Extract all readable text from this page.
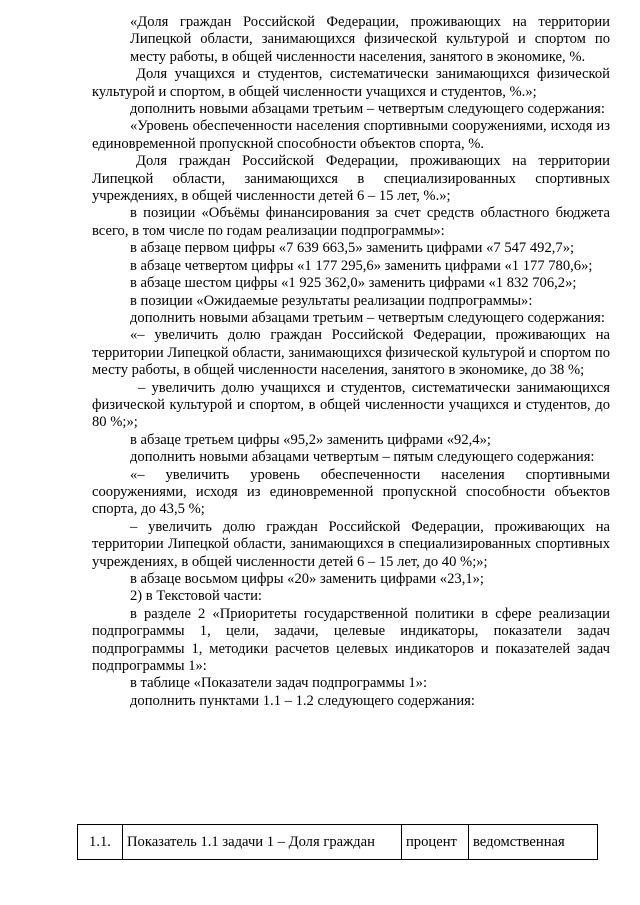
«Доля граждан Российской Федерации, проживающих на территории Липецкой области, занимающихся физической культурой и спортом по месту работы, в общей численности населения, занятого в экономике, %.

Доля учащихся и студентов, систематически занимающихся физической культурой и спортом, в общей численности учащихся и студентов, %.»;

дополнить новыми абзацами третьим – четвертым следующего содержания:

«Уровень обеспеченности населения спортивными сооружениями, исходя из единовременной пропускной способности объектов спорта, %.

Доля граждан Российской Федерации, проживающих на территории Липецкой области, занимающихся в специализированных спортивных учреждениях, в общей численности детей 6 – 15 лет, %.»;

в позиции «Объёмы финансирования за счет средств областного бюджета всего, в том числе по годам реализации подпрограммы»:

в абзаце первом цифры «7 639 663,5» заменить цифрами «7 547 492,7»;

в абзаце четвертом цифры «1 177 295,6» заменить цифрами «1 177 780,6»;

в абзаце шестом цифры «1 925 362,0» заменить цифрами «1 832 706,2»;

в позиции «Ожидаемые результаты реализации подпрограммы»:

дополнить новыми абзацами третьим – четвертым следующего содержания:

«– увеличить долю граждан Российской Федерации, проживающих на территории Липецкой области, занимающихся физической культурой и спортом по месту работы, в общей численности населения, занятого в экономике, до 38 %;

– увеличить долю учащихся и студентов, систематически занимающихся физической культурой и спортом, в общей численности учащихся и студентов, до 80 %;»;

в абзаце третьем цифры «95,2» заменить цифрами «92,4»;

дополнить новыми абзацами четвертым – пятым следующего содержания:

«– увеличить уровень обеспеченности населения спортивными сооружениями, исходя из единовременной пропускной способности объектов спорта, до 43,5 %;

– увеличить долю граждан Российской Федерации, проживающих на территории Липецкой области, занимающихся в специализированных спортивных учреждениях, в общей численности детей 6 – 15 лет, до 40 %;»;

в абзаце восьмом цифры «20» заменить цифрами «23,1»;

2) в Текстовой части:

в разделе 2 «Приоритеты государственной политики в сфере реализации подпрограммы 1, цели, задачи, целевые индикаторы, показатели задач подпрограммы 1, методики расчетов целевых индикаторов и показателей задач подпрограммы 1»:

в таблице «Показатели задач подпрограммы 1»:

дополнить пунктами 1.1 – 1.2 следующего содержания:

1.1.	Показатель 1.1 задачи 1 – Доля граждан	процент	ведомственная
